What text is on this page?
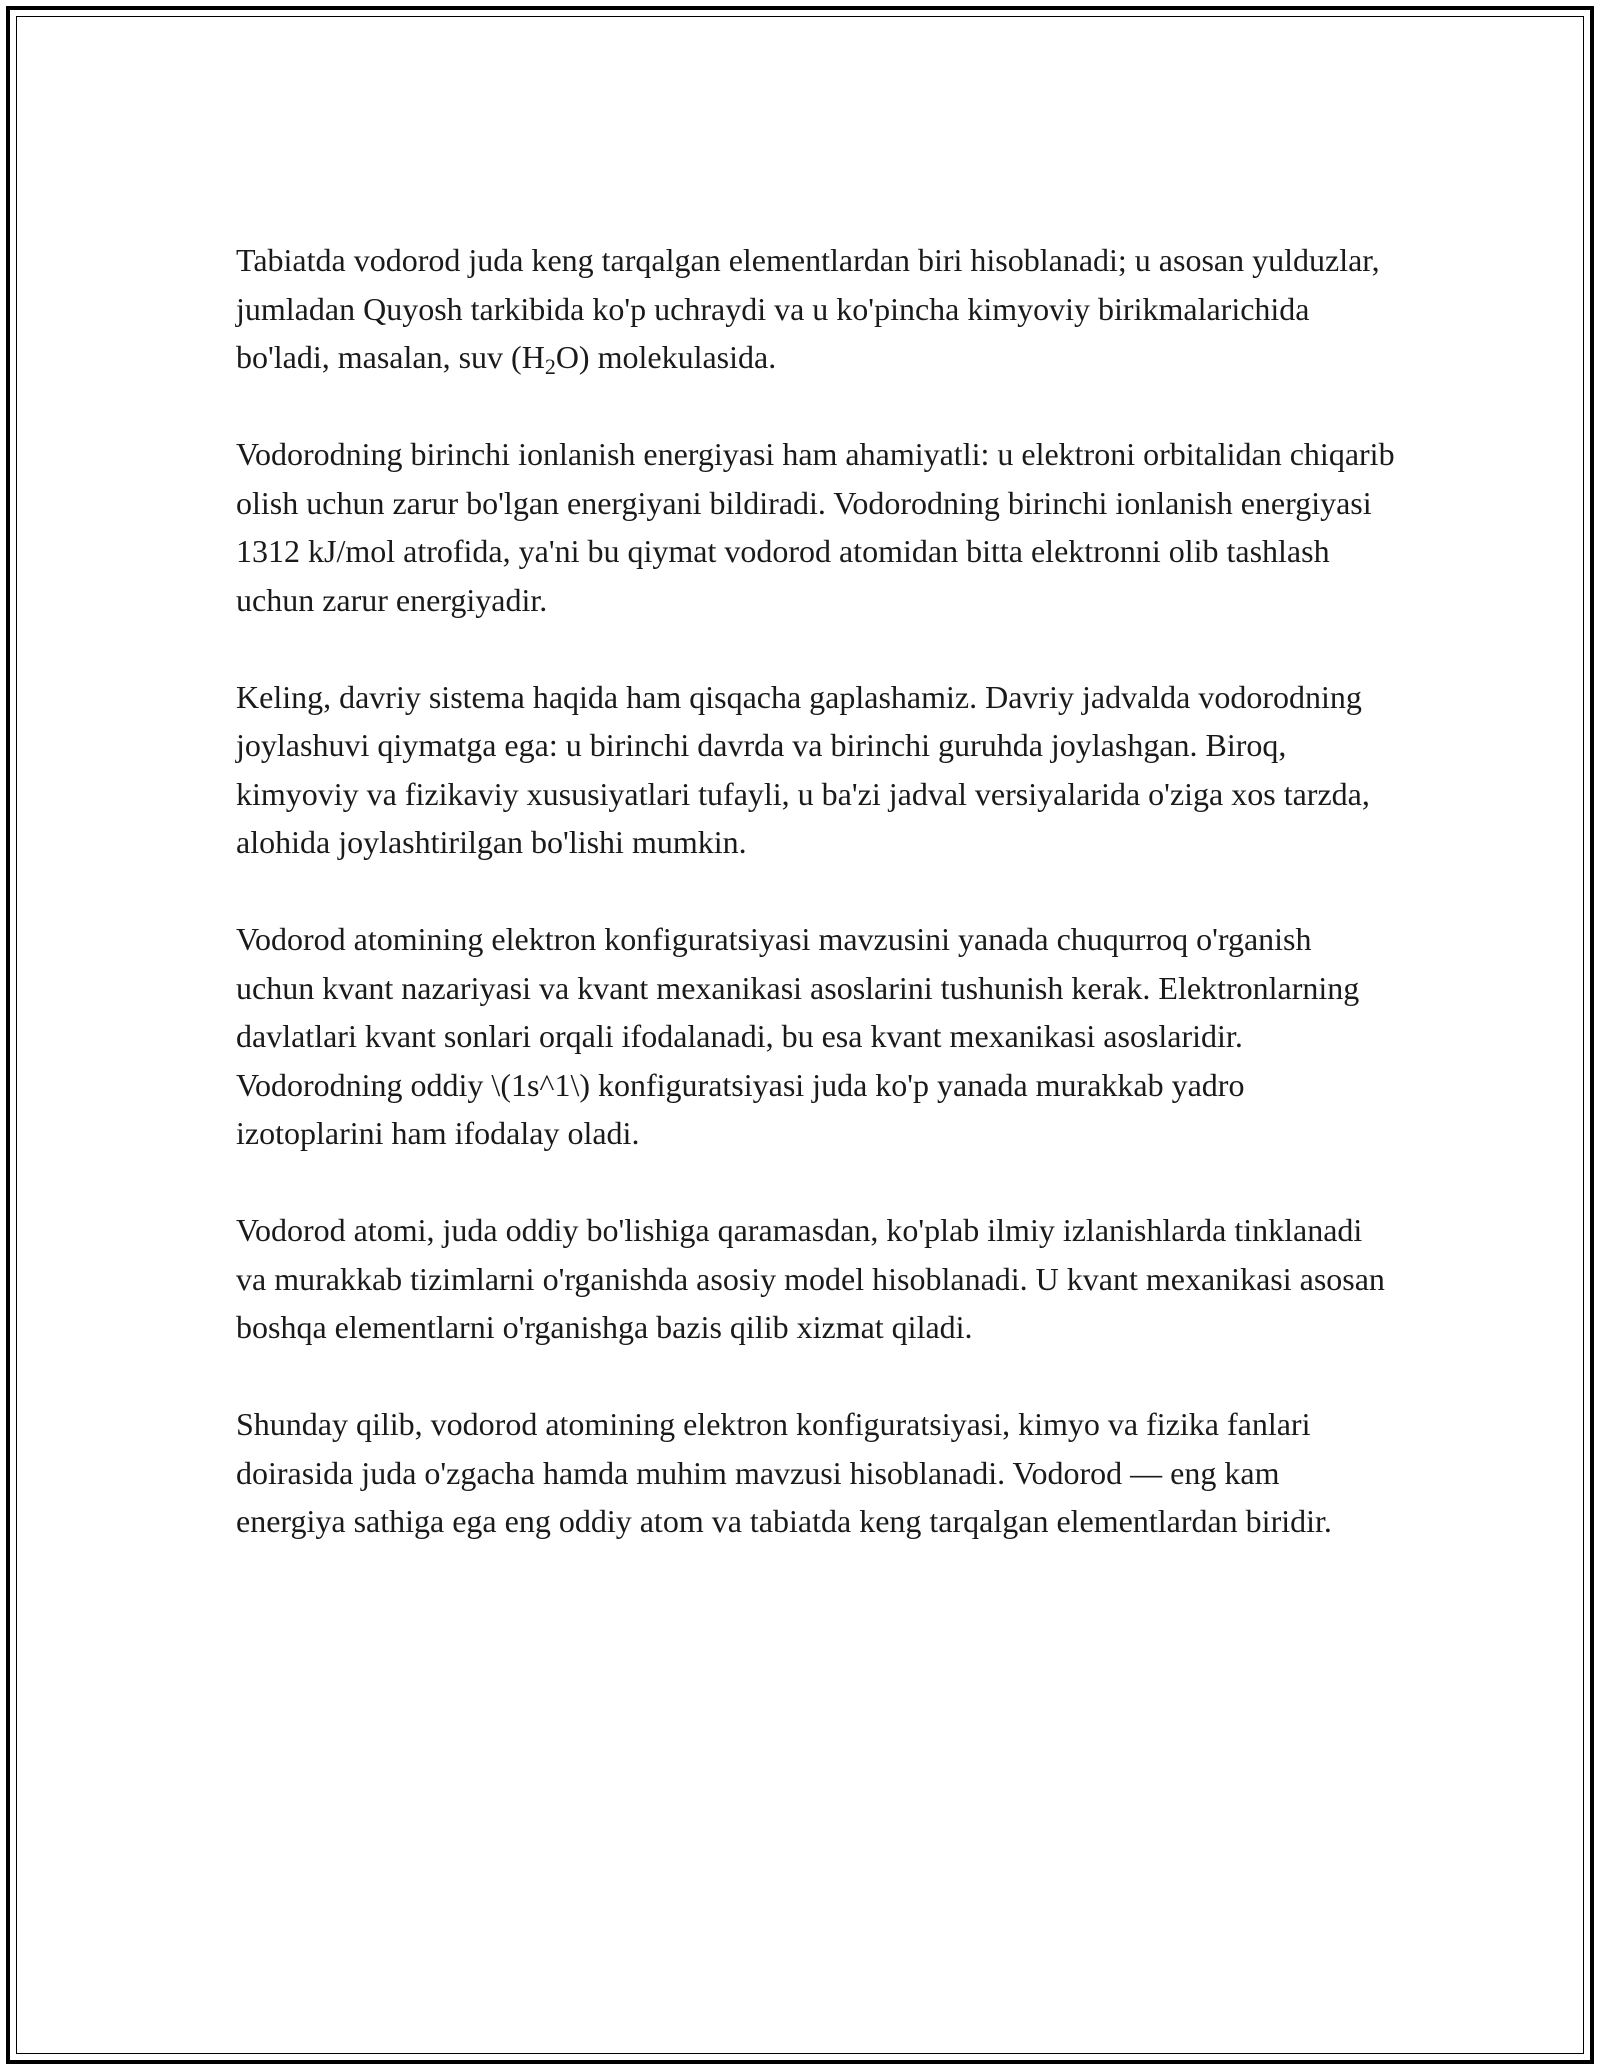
Tabiatda vodorod juda keng tarqalgan elementlardan biri hisoblanadi; u asosan yulduzlar, jumladan Quyosh tarkibida ko'p uchraydi va u ko'pincha kimyoviy birikmalarichida bo'ladi, masalan, suv $(H_2O)$ molekulasida.

Vodorodning birinchi ionlanish energiyasi ham ahamiyatli: u elektroni orbitalidan chiqarib olish uchun zarur bo'lgan energiyani bildiradi. Vodorodning birinchi ionlanish energiyasi 1312 kJ/mol atrofida, ya'ni bu qiymat vodorod atomidan bitta elektronni olib tashlash uchun zarur energiyadir.

Keling, davriy sistema haqida ham qisqacha gaplashamiz. Davriy jadvalda vodorodning joylashuvi qiymatga ega: u birinchi davrda va birinchi guruhda joylashgan. Biroq, kimyoviy va fizikaviy xususiyatlari tufayli, u ba'zi jadval versiyalarida o'ziga xos tarzda, alohida joylashtirilgan bo'lishi mumkin.

Vodorod atomining elektron konfiguratsiyasi mavzusini yanada chuqurroq o'rganish uchun kvant nazariyasi va kvant mexanikasi asoslarini tushunish kerak. Elektronlarning davlatlari kvant sonlari orqali ifodalanadi, bu esa kvant mexanikasi asoslaridir. Vodorodning oddiy \(1s^1\) konfiguratsiyasi juda ko'p yanada murakkab yadro izotoplarini ham ifodalay oladi.

Vodorod atomi, juda oddiy bo'lishiga qaramasdan, ko'plab ilmiy izlanishlarda tinklanadi va murakkab tizimlarni o'rganishda asosiy model hisoblanadi. U kvant mexanikasi asosan boshqa elementlarni o'rganishga bazis qilib xizmat qiladi.

Shunday qilib, vodorod atomining elektron konfiguratsiyasi, kimyo va fizika fanlari doirasida juda o'zgacha hamda muhim mavzusi hisoblanadi. Vodorod — eng kam energiya sathiga ega eng oddiy atom va tabiatda keng tarqalgan elementlardan biridir.
